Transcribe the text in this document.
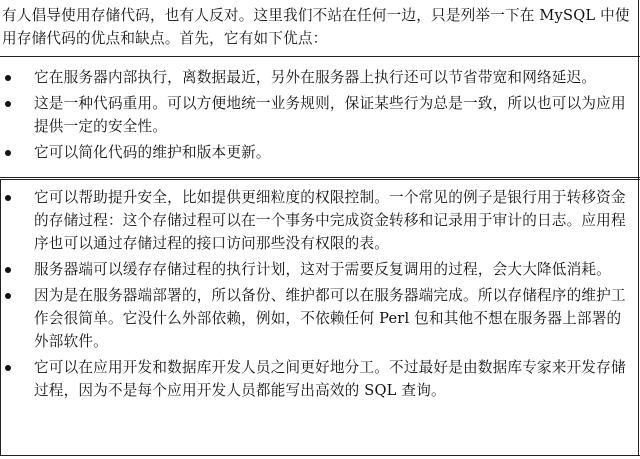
有人倡导使用存储代码，也有人反对。这里我们不站在任何一边，只是列举一下在 MySQL 中使用存储代码的优点和缺点。首先，它有如下优点：

它在服务器内部执行，离数据最近，另外在服务器上执行还可以节省带宽和网络延迟。
这是一种代码重用。可以方便地统一业务规则，保证某些行为总是一致，所以也可以为应用提供一定的安全性。
它可以简化代码的维护和版本更新。
它可以帮助提升安全，比如提供更细粒度的权限控制。一个常见的例子是银行用于转移资金的存储过程：这个存储过程可以在一个事务中完成资金转移和记录用于审计的日志。应用程序也可以通过存储过程的接口访问那些没有权限的表。
服务器端可以缓存存储过程的执行计划，这对于需要反复调用的过程，会大大降低消耗。
因为是在服务器端部署的，所以备份、维护都可以在服务器端完成。所以存储程序的维护工作会很简单。它没什么外部依赖，例如，不依赖任何 Perl 包和其他不想在服务器上部署的外部软件。
它可以在应用开发和数据库开发人员之间更好地分工。不过最好是由数据库专家来开发存储过程，因为不是每个应用开发人员都能写出高效的 SQL 查询。
